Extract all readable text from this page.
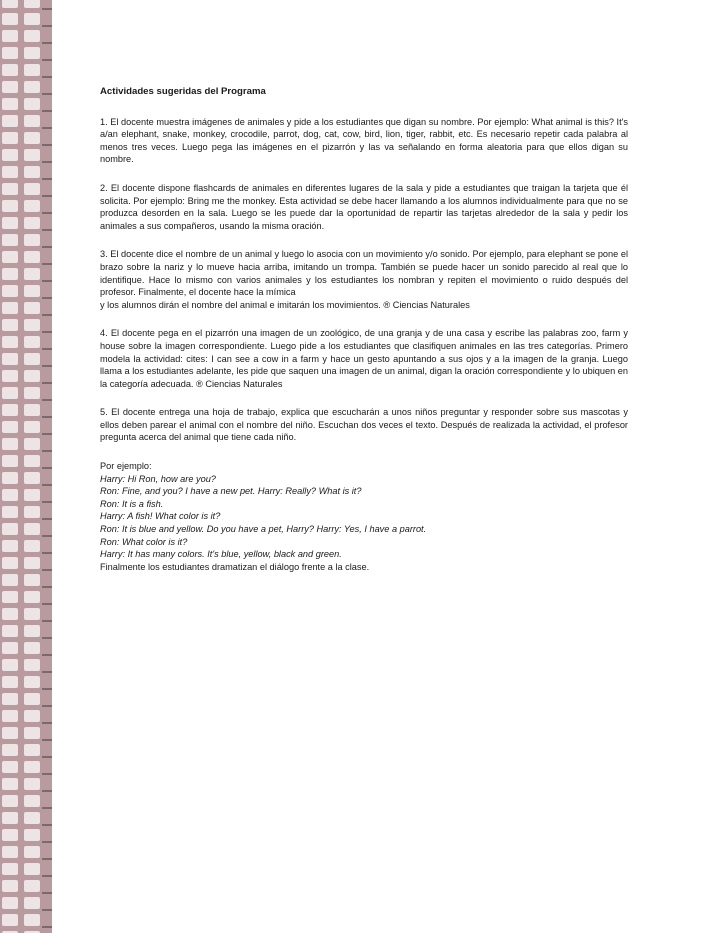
Actividades sugeridas del Programa

1. El docente muestra imágenes de animales y pide a los estudiantes que digan su nombre. Por ejemplo: What animal is this? It's a/an elephant, snake, monkey, crocodile, parrot, dog, cat, cow, bird, lion, tiger, rabbit, etc. Es necesario repetir cada palabra al menos tres veces. Luego pega las imágenes en el pizarrón y las va señalando en forma aleatoria para que ellos digan su nombre.

2. El docente dispone flashcards de animales en diferentes lugares de la sala y pide a estudiantes que traigan la tarjeta que él solicita. Por ejemplo: Bring me the monkey. Esta actividad se debe hacer llamando a los alumnos individualmente para que no se produzca desorden en la sala. Luego se les puede dar la oportunidad de repartir las tarjetas alrededor de la sala y pedir los animales a sus compañeros, usando la misma oración.

3. El docente dice el nombre de un animal y luego lo asocia con un movimiento y/o sonido. Por ejemplo, para elephant se pone el brazo sobre la nariz y lo mueve hacia arriba, imitando un trompa. También se puede hacer un sonido parecido al real que lo identifique. Hace lo mismo con varios animales y los estudiantes los nombran y repiten el movimiento o ruido después del profesor. Finalmente, el docente hace la mímica

y los alumnos dirán el nombre del animal e imitarán los movimientos. ® Ciencias Naturales

4. El docente pega en el pizarrón una imagen de un zoológico, de una granja y de una casa y escribe las palabras zoo, farm y house sobre la imagen correspondiente. Luego pide a los estudiantes que clasifiquen animales en las tres categorías. Primero modela la actividad: cites: I can see a cow in a farm y hace un gesto apuntando a sus ojos y a la imagen de la granja. Luego llama a los estudiantes adelante, les pide que saquen una imagen de un animal, digan la oración correspondiente y lo ubiquen en la categoría adecuada. ® Ciencias Naturales

5. El docente entrega una hoja de trabajo, explica que escucharán a unos niños preguntar y responder sobre sus mascotas y ellos deben parear el animal con el nombre del niño. Escuchan dos veces el texto. Después de realizada la actividad, el profesor pregunta acerca del animal que tiene cada niño.

Por ejemplo:

Harry: Hi Ron, how are you?

Ron: Fine, and you? I have a new pet. Harry: Really? What is it?

Ron: It is a fish.

Harry: A fish! What color is it?

Ron: It is blue and yellow. Do you have a pet, Harry? Harry: Yes, I have a parrot.

Ron: What color is it?

Harry: It has many colors. It's blue, yellow, black and green.

Finalmente los estudiantes dramatizan el diálogo frente a la clase.
